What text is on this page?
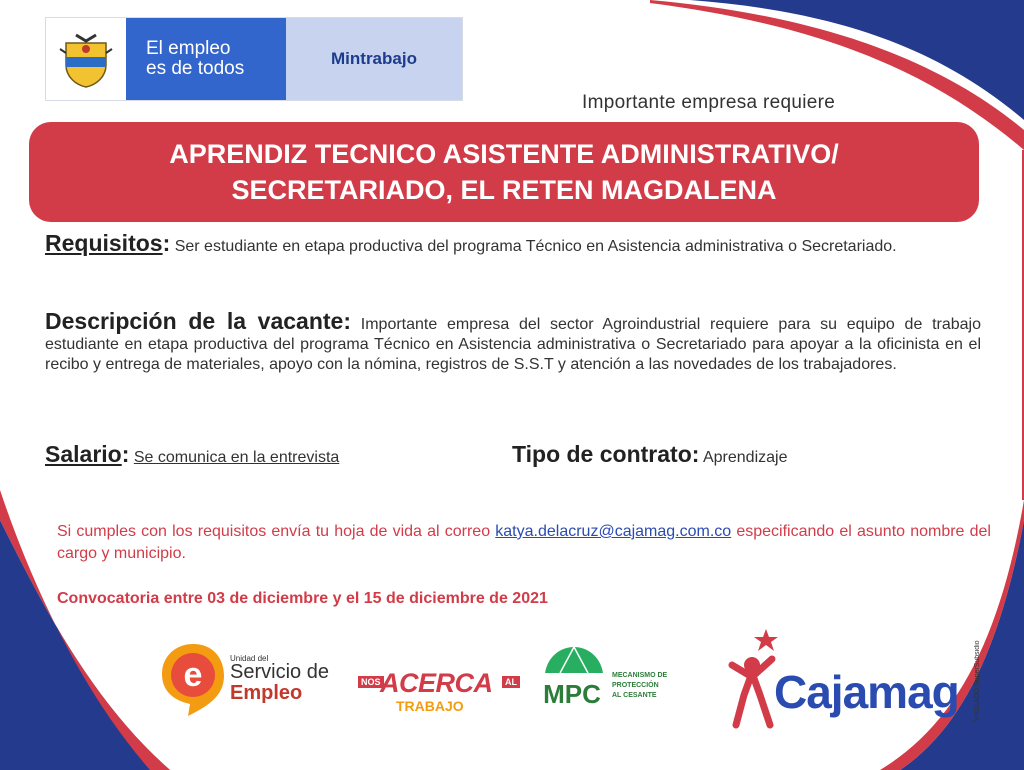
El empleo
es de todos	Mintrabajo
Importante empresa requiere
APRENDIZ TECNICO ASISTENTE ADMINISTRATIVO/
SECRETARIADO, EL RETEN MAGDALENA
Requisitos: Ser estudiante en etapa productiva del programa Técnico en Asistencia administrativa o Secretariado.
Descripción de la vacante: Importante empresa del sector Agroindustrial requiere para su equipo de trabajo estudiante en etapa productiva del programa Técnico en Asistencia administrativa o Secretariado para apoyar a la oficinista en el recibo y entrega de materiales, apoyo con la nómina, registros de S.S.T y atención a las novedades de los trabajadores.
Salario: Se comunica en la entrevista	Tipo de contrato: Aprendizaje
Si cumples con los requisitos envía tu hoja de vida al correo katya.delacruz@cajamag.com.co especificando el asunto nombre del cargo y municipio.
Convocatoria entre 03 de diciembre y el 15 de diciembre de 2021
e	Unidad del
Servicio de
Empleo	NOS ACERCA	AL
TRABAJO	MPC
MECANISMO DE
PROTECCIÓN
AL CESANTE	Cajamag VIGILADO SuperSubsidio
